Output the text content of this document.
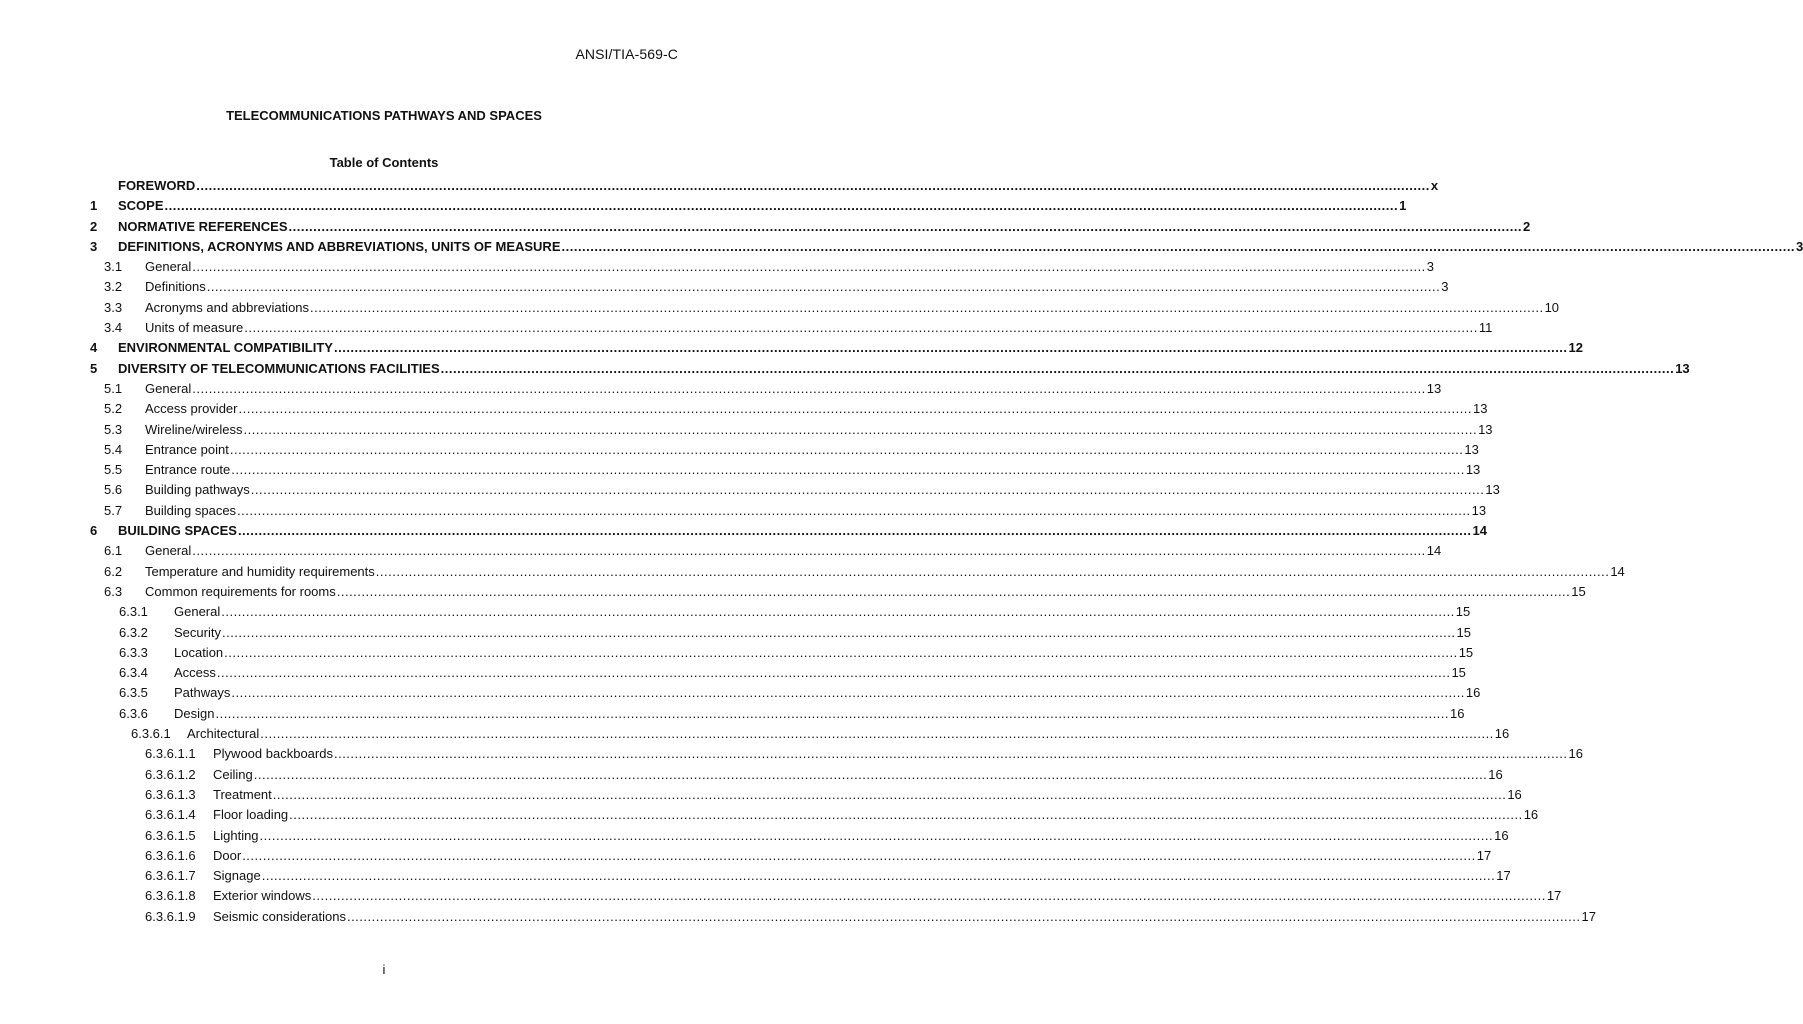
ANSI/TIA-569-C
TELECOMMUNICATIONS PATHWAYS AND SPACES
Table of Contents
FOREWORD ............................................................................................................................................................................................................................................................................................................ x
1	SCOPE ............................................................................................................................................................................................................................................................................................................ 1
2	NORMATIVE REFERENCES ............................................................................................................................................................................................................................................................................................................ 2
3	DEFINITIONS, ACRONYMS AND ABBREVIATIONS, UNITS OF MEASURE ............................................................................................................................................................................................................................................................................................................ 3
3.1	General ............................................................................................................................................................................................................................................................................................................ 3
3.2	Definitions ............................................................................................................................................................................................................................................................................................................ 3
3.3	Acronyms and abbreviations ............................................................................................................................................................................................................................................................................................................ 10
3.4	Units of measure ............................................................................................................................................................................................................................................................................................................ 11
4	ENVIRONMENTAL COMPATIBILITY ............................................................................................................................................................................................................................................................................................................ 12
5	DIVERSITY OF TELECOMMUNICATIONS FACILITIES ............................................................................................................................................................................................................................................................................................................ 13
5.1	General ............................................................................................................................................................................................................................................................................................................ 13
5.2	Access provider ............................................................................................................................................................................................................................................................................................................ 13
5.3	Wireline/wireless ............................................................................................................................................................................................................................................................................................................ 13
5.4	Entrance point ............................................................................................................................................................................................................................................................................................................ 13
5.5	Entrance route ............................................................................................................................................................................................................................................................................................................ 13
5.6	Building pathways ............................................................................................................................................................................................................................................................................................................ 13
5.7	Building spaces ............................................................................................................................................................................................................................................................................................................ 13
6	BUILDING SPACES ............................................................................................................................................................................................................................................................................................................ 14
6.1	General ............................................................................................................................................................................................................................................................................................................ 14
6.2	Temperature and humidity requirements ............................................................................................................................................................................................................................................................................................................ 14
6.3	Common requirements for rooms ............................................................................................................................................................................................................................................................................................................ 15
6.3.1	General ............................................................................................................................................................................................................................................................................................................ 15
6.3.2	Security ............................................................................................................................................................................................................................................................................................................ 15
6.3.3	Location ............................................................................................................................................................................................................................................................................................................ 15
6.3.4	Access ............................................................................................................................................................................................................................................................................................................ 15
6.3.5	Pathways ............................................................................................................................................................................................................................................................................................................ 16
6.3.6	Design ............................................................................................................................................................................................................................................................................................................ 16
6.3.6.1	Architectural ............................................................................................................................................................................................................................................................................................................ 16
6.3.6.1.1	Plywood backboards ............................................................................................................................................................................................................................................................................................................ 16
6.3.6.1.2	Ceiling ............................................................................................................................................................................................................................................................................................................ 16
6.3.6.1.3	Treatment ............................................................................................................................................................................................................................................................................................................ 16
6.3.6.1.4	Floor loading ............................................................................................................................................................................................................................................................................................................ 16
6.3.6.1.5	Lighting ............................................................................................................................................................................................................................................................................................................ 16
6.3.6.1.6	Door ............................................................................................................................................................................................................................................................................................................ 17
6.3.6.1.7	Signage ............................................................................................................................................................................................................................................................................................................ 17
6.3.6.1.8	Exterior windows ............................................................................................................................................................................................................................................................................................................ 17
6.3.6.1.9	Seismic considerations ............................................................................................................................................................................................................................................................................................................ 17
i
